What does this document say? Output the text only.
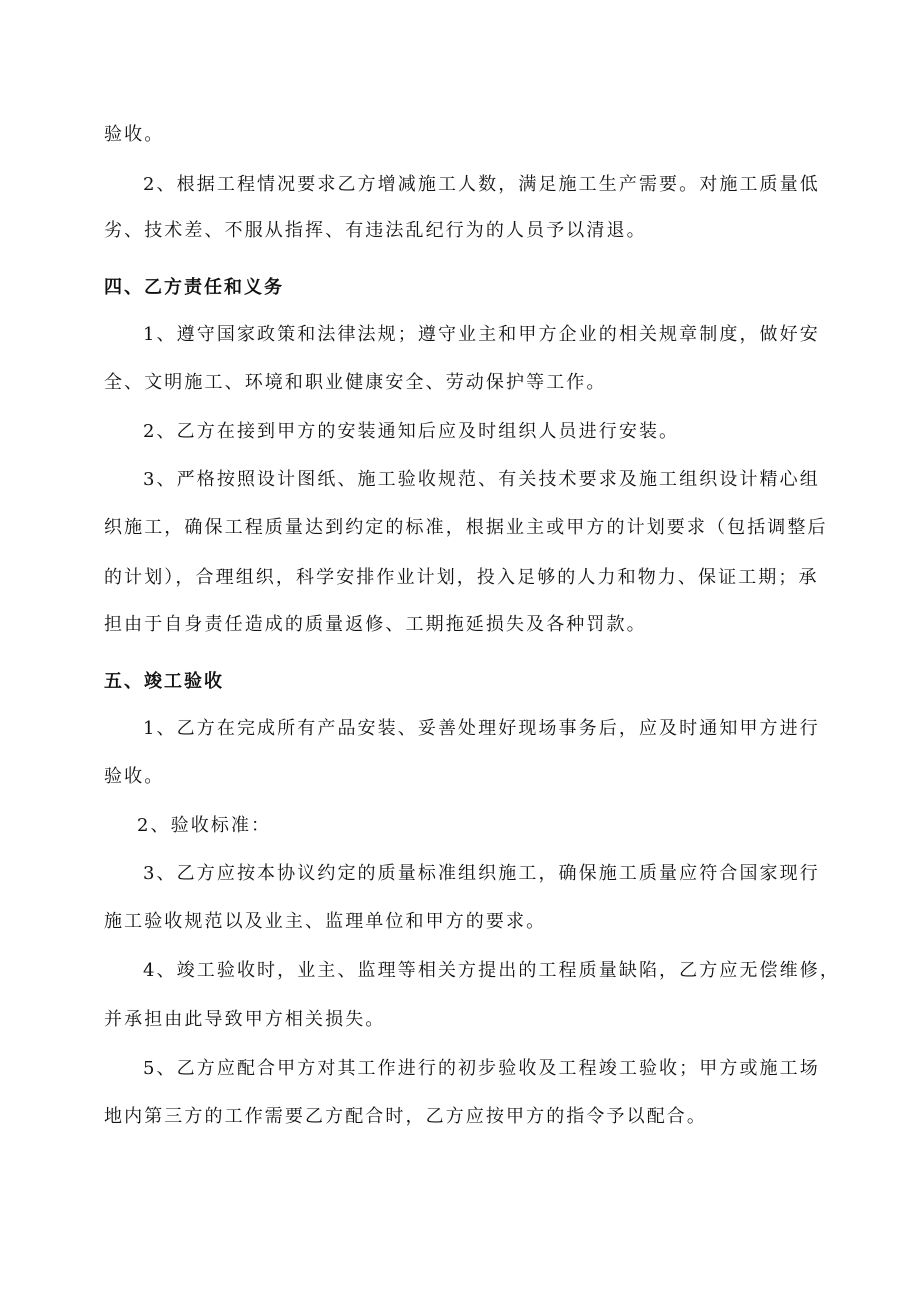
验收。
2、根据工程情况要求乙方增减施工人数，满足施工生产需要。对施工质量低
劣、技术差、不服从指挥、有违法乱纪行为的人员予以清退。
四、乙方责任和义务
1、遵守国家政策和法律法规；遵守业主和甲方企业的相关规章制度，做好安
全、文明施工、环境和职业健康安全、劳动保护等工作。
2、乙方在接到甲方的安装通知后应及时组织人员进行安装。
3、严格按照设计图纸、施工验收规范、有关技术要求及施工组织设计精心组
织施工，确保工程质量达到约定的标准，根据业主或甲方的计划要求（包括调整后
的计划），合理组织，科学安排作业计划，投入足够的人力和物力、保证工期；承
担由于自身责任造成的质量返修、工期拖延损失及各种罚款。
五、竣工验收
1、乙方在完成所有产品安装、妥善处理好现场事务后，应及时通知甲方进行
验收。
2、验收标准：
3、乙方应按本协议约定的质量标准组织施工，确保施工质量应符合国家现行
施工验收规范以及业主、监理单位和甲方的要求。
4、竣工验收时，业主、监理等相关方提出的工程质量缺陷，乙方应无偿维修，
并承担由此导致甲方相关损失。
5、乙方应配合甲方对其工作进行的初步验收及工程竣工验收；甲方或施工场
地内第三方的工作需要乙方配合时，乙方应按甲方的指令予以配合。
